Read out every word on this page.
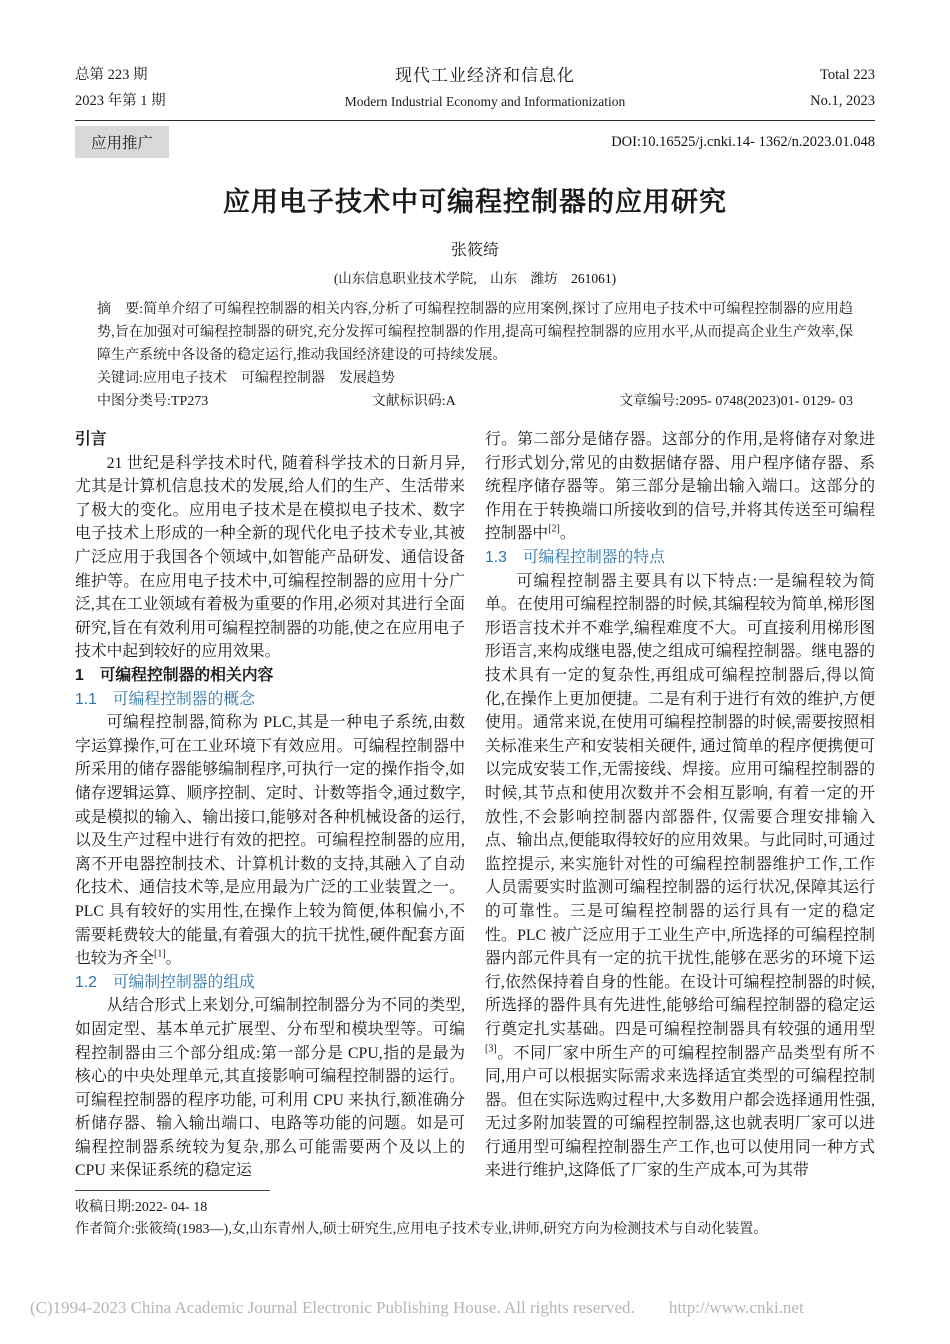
总第 223 期
2023 年第 1 期
现代工业经济和信息化
Modern Industrial Economy and Informationization
Total 223
No.1, 2023
应用推广	DOI:10.16525/j.cnki.14- 1362/n.2023.01.048
应用电子技术中可编程控制器的应用研究
张筱绮
(山东信息职业技术学院,　山东　潍坊　261061)

摘　要:简单介绍了可编程控制器的相关内容,分析了可编程控制器的应用案例,探讨了应用电子技术中可编程控制器的应用趋势,旨在加强对可编程控制器的研究,充分发挥可编程控制器的作用,提高可编程控制器的应用水平,从而提高企业生产效率,保障生产系统中各设备的稳定运行,推动我国经济建设的可持续发展。

关键词:应用电子技术　可编程控制器　发展趋势

中图分类号:TP273	文献标识码:A	文章编号:2095- 0748(2023)01- 0129- 03

引言

21 世纪是科学技术时代, 随着科学技术的日新月异,尤其是计算机信息技术的发展,给人们的生产、生活带来了极大的变化。应用电子技术是在模拟电子技术、数字电子技术上形成的一种全新的现代化电子技术专业,其被广泛应用于我国各个领域中,如智能产品研发、通信设备维护等。在应用电子技术中,可编程控制器的应用十分广泛,其在工业领域有着极为重要的作用,必须对其进行全面研究,旨在有效利用可编程控制器的功能,使之在应用电子技术中起到较好的应用效果。

1　可编程控制器的相关内容

1.1　可编程控制器的概念

可编程控制器,简称为 PLC,其是一种电子系统,由数字运算操作,可在工业环境下有效应用。可编程控制器中所采用的储存器能够编制程序,可执行一定的操作指令,如储存逻辑运算、顺序控制、定时、计数等指令,通过数字,或是模拟的输入、输出接口,能够对各种机械设备的运行,以及生产过程中进行有效的把控。可编程控制器的应用,离不开电器控制技术、计算机计数的支持,其融入了自动化技术、通信技术等,是应用最为广泛的工业装置之一。PLC 具有较好的实用性,在操作上较为简便,体积偏小,不需要耗费较大的能量,有着强大的抗干扰性,硬件配套方面也较为齐全[1]。

1.2　可编制控制器的组成

从结合形式上来划分,可编制控制器分为不同的类型,如固定型、基本单元扩展型、分布型和模块型等。可编程控制器由三个部分组成:第一部分是 CPU,指的是最为核心的中央处理单元,其直接影响可编程控制器的运行。可编程控制器的程序功能, 可利用 CPU 来执行,额准确分析储存器、输入输出端口、电路等功能的问题。如是可编程控制器系统较为复杂,那么可能需要两个及以上的 CPU 来保证系统的稳定运

行。第二部分是储存器。这部分的作用,是将储存对象进行形式划分,常见的由数据储存器、用户程序储存器、系统程序储存器等。第三部分是输出输入端口。这部分的作用在于转换端口所接收到的信号,并将其传送至可编程控制器中[2]。

1.3　可编程控制器的特点

可编程控制器主要具有以下特点:一是编程较为简单。在使用可编程控制器的时候,其编程较为简单,梯形图形语言技术并不难学,编程难度不大。可直接利用梯形图形语言,来构成继电器,使之组成可编程控制器。继电器的技术具有一定的复杂性,再组成可编程控制器后,得以简化,在操作上更加便捷。二是有利于进行有效的维护,方便使用。通常来说,在使用可编程控制器的时候,需要按照相关标准来生产和安装相关硬件, 通过简单的程序便携便可以完成安装工作,无需接线、焊接。应用可编程控制器的时候,其节点和使用次数并不会相互影响, 有着一定的开放性,不会影响控制器内部器件, 仅需要合理安排输入点、输出点,便能取得较好的应用效果。与此同时,可通过监控提示, 来实施针对性的可编程控制器维护工作,工作人员需要实时监测可编程控制器的运行状况,保障其运行的可靠性。三是可编程控制器的运行具有一定的稳定性。PLC 被广泛应用于工业生产中,所选择的可编程控制器内部元件具有一定的抗干扰性,能够在恶劣的环境下运行,依然保持着自身的性能。在设计可编程控制器的时候, 所选择的器件具有先进性,能够给可编程控制器的稳定运行奠定扎实基础。四是可编程控制器具有较强的通用型[3]。不同厂家中所生产的可编程控制器产品类型有所不同,用户可以根据实际需求来选择适宜类型的可编程控制器。但在实际选购过程中,大多数用户都会选择通用性强,无过多附加装置的可编程控制器,这也就表明厂家可以进行通用型可编程控制器生产工作,也可以使用同一种方式来进行维护,这降低了厂家的生产成本,可为其带

收稿日期:2022- 04- 18

作者简介:张筱绮(1983—),女,山东青州人,硕士研究生,应用电子技术专业,讲师,研究方向为检测技术与自动化装置。

(C)1994-2023 China Academic Journal Electronic Publishing House. All rights reserved. http://www.cnki.net
